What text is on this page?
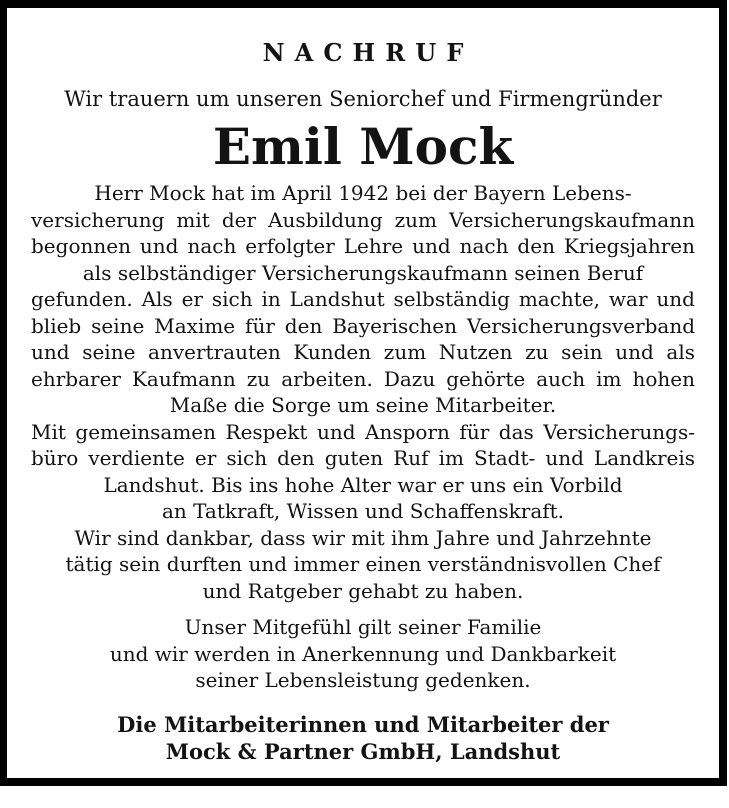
NACHRUF
Wir trauern um unseren Seniorchef und Firmengründer
Emil Mock
Herr Mock hat im April 1942 bei der Bayern Lebens-
versicherung mit der Ausbildung zum Versicherungskaufmann
begonnen und nach erfolgter Lehre und nach den Kriegsjahren
als selbständiger Versicherungskaufmann seinen Beruf
gefunden. Als er sich in Landshut selbständig machte, war und
blieb seine Maxime für den Bayerischen Versicherungsverband
und seine anvertrauten Kunden zum Nutzen zu sein und als
ehrbarer Kaufmann zu arbeiten. Dazu gehörte auch im hohen
Maße die Sorge um seine Mitarbeiter.
Mit gemeinsamen Respekt und Ansporn für das Versicherungs-
büro verdiente er sich den guten Ruf im Stadt- und Landkreis
Landshut. Bis ins hohe Alter war er uns ein Vorbild
an Tatkraft, Wissen und Schaffenskraft.
Wir sind dankbar, dass wir mit ihm Jahre und Jahrzehnte
tätig sein durften und immer einen verständnisvollen Chef
und Ratgeber gehabt zu haben.
Unser Mitgefühl gilt seiner Familie
und wir werden in Anerkennung und Dankbarkeit
seiner Lebensleistung gedenken.
Die Mitarbeiterinnen und Mitarbeiter der
Mock & Partner GmbH, Landshut
